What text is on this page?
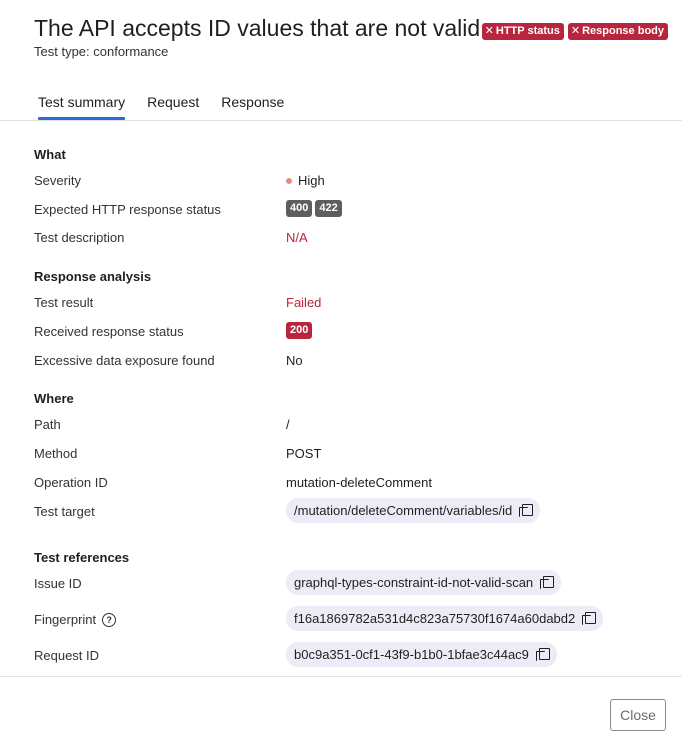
The API accepts ID values that are not valid
Test type: conformance
✕ HTTP status ✕ Response body
Test summary	Request	Response
What
Severity	High
Expected HTTP response status	400	422
Test description	N/A
Response analysis
Test result	Failed
Received response status	200
Excessive data exposure found	No
Where
Path	/
Method	POST
Operation ID	mutation-deleteComment
Test target	/mutation/deleteComment/variables/id
Test references
Issue ID	graphql-types-constraint-id-not-valid-scan
Fingerprint	?	f16a1869782a531d4c823a75730f1674a60dabd2
Request ID	b0c9a351-0cf1-43f9-b1b0-1bfae3c44ac9
Close
